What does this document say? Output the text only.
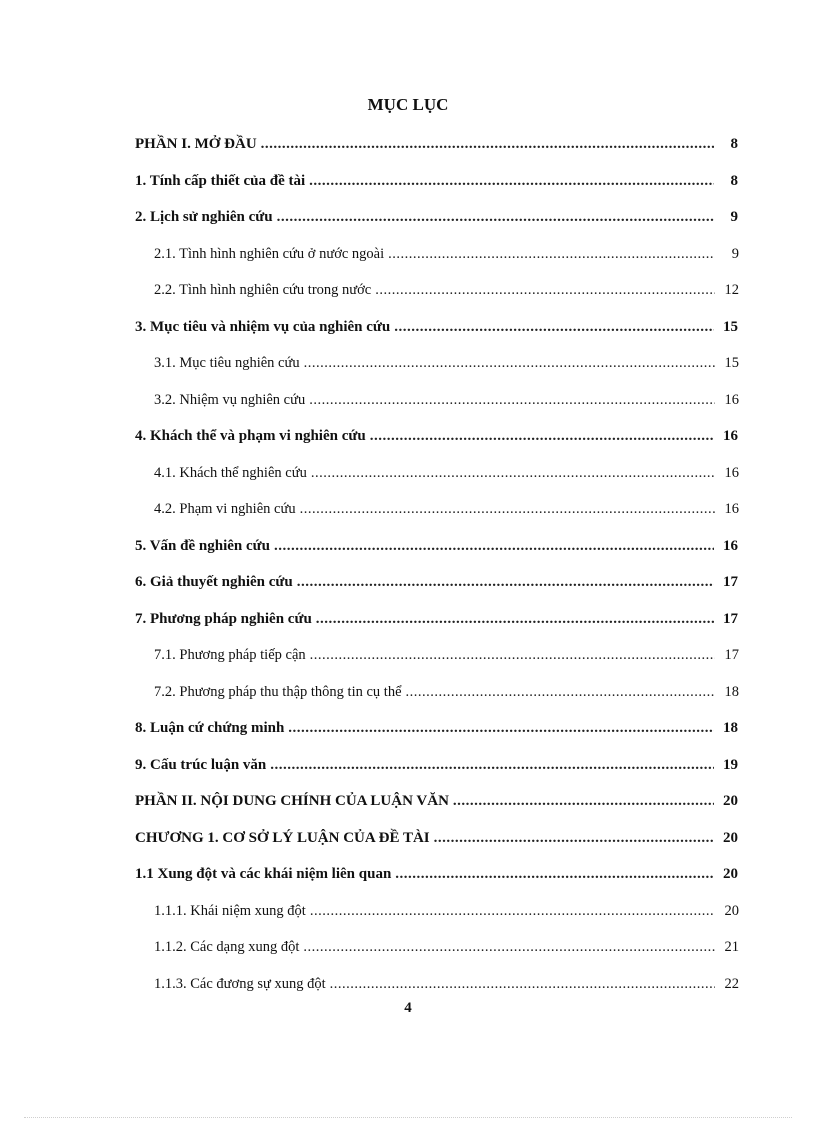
MỤC LỤC
PHẦN I. MỞ ĐẦU .....	8
1. Tính cấp thiết của đề tài .....	8
2. Lịch sử nghiên cứu .....	9
2.1. Tình hình nghiên cứu ở nước ngoài .....	9
2.2. Tình hình nghiên cứu trong nước .....	12
3. Mục tiêu và nhiệm vụ của nghiên cứu .....	15
3.1. Mục tiêu nghiên cứu .....	15
3.2. Nhiệm vụ nghiên cứu .....	16
4. Khách thể và phạm vi nghiên cứu .....	16
4.1. Khách thể nghiên cứu .....	16
4.2. Phạm vi nghiên cứu .....	16
5. Vấn đề nghiên cứu .....	16
6. Giả thuyết nghiên cứu .....	17
7. Phương pháp nghiên cứu .....	17
7.1. Phương pháp tiếp cận .....	17
7.2. Phương pháp thu thập thông tin cụ thể .....	18
8. Luận cứ chứng minh .....	18
9. Cấu trúc luận văn .....	19
PHẦN II. NỘI DUNG CHÍNH CỦA LUẬN VĂN .....	20
CHƯƠNG 1. CƠ SỞ LÝ LUẬN CỦA ĐỀ TÀI .....	20
1.1 Xung đột và các khái niệm liên quan .....	20
1.1.1. Khái niệm xung đột .....	20
1.1.2. Các dạng xung đột .....	21
1.1.3. Các đương sự xung đột .....	22
4
